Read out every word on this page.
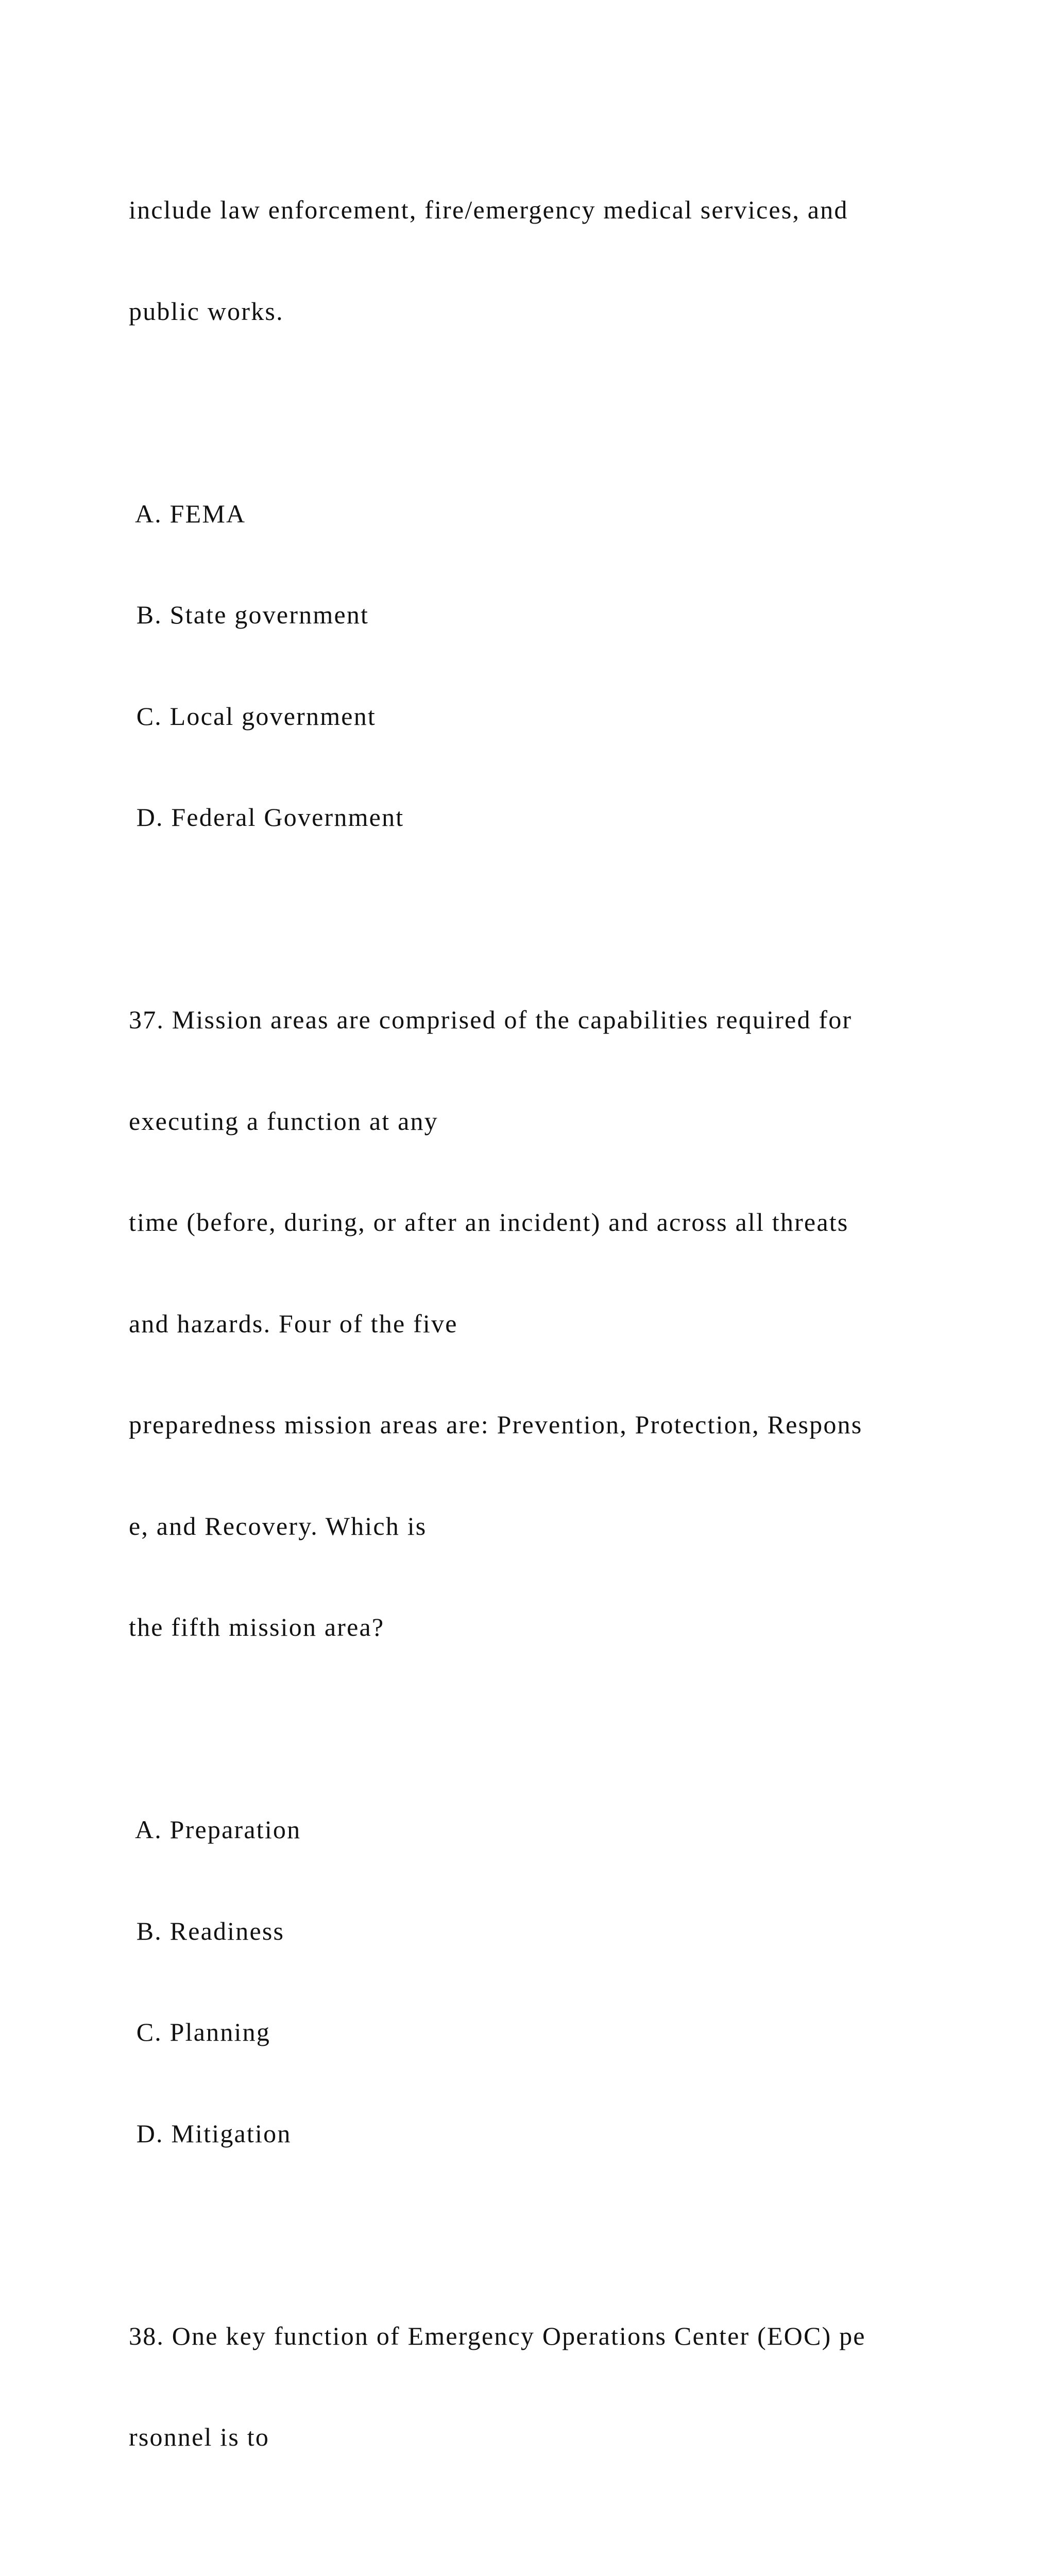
include law enforcement, fire/emergency medical services, and

public works.

A. FEMA

B. State government

C. Local government

D. Federal Government

37. Mission areas are comprised of the capabilities required for

executing a function at any

time (before, during, or after an incident) and across all threats

and hazards. Four of the five

preparedness mission areas are: Prevention, Protection, Respons

e, and Recovery. Which is

the fifth mission area?

A. Preparation

B. Readiness

C. Planning

D. Mitigation

38. One key function of Emergency Operations Center (EOC) pe

rsonnel is to
